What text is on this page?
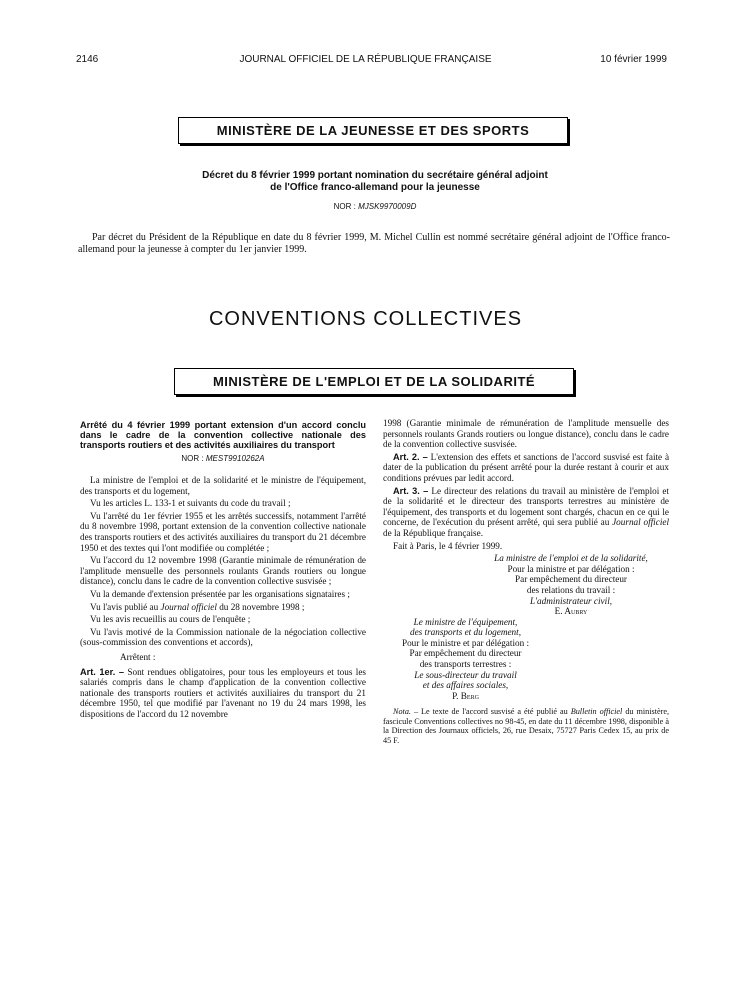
2146	JOURNAL OFFICIEL DE LA RÉPUBLIQUE FRANÇAISE	10 février 1999
MINISTÈRE DE LA JEUNESSE ET DES SPORTS
Décret du 8 février 1999 portant nomination du secrétaire général adjoint
de l'Office franco-allemand pour la jeunesse
NOR : MJSK9970009D

Par décret du Président de la République en date du 8 février 1999, M. Michel Cullin est nommé secrétaire général adjoint de l'Office franco-allemand pour la jeunesse à compter du 1er janvier 1999.

CONVENTIONS COLLECTIVES
MINISTÈRE DE L'EMPLOI ET DE LA SOLIDARITÉ
Arrêté du 4 février 1999 portant extension d'un accord conclu dans le cadre de la convention collective nationale des transports routiers et des activités auxiliaires du transport
NOR : MEST9910262A

La ministre de l'emploi et de la solidarité et le ministre de l'équipement, des transports et du logement,

Vu les articles L. 133-1 et suivants du code du travail ;

Vu l'arrêté du 1er février 1955 et les arrêtés successifs, notamment l'arrêté du 8 novembre 1998, portant extension de la convention collective nationale des transports routiers et des activités auxiliaires du transport du 21 décembre 1950 et des textes qui l'ont modifiée ou complétée ;

Vu l'accord du 12 novembre 1998 (Garantie minimale de rémunération de l'amplitude mensuelle des personnels roulants Grands routiers ou longue distance), conclu dans le cadre de la convention collective susvisée ;

Vu la demande d'extension présentée par les organisations signataires ;

Vu l'avis publié au Journal officiel du 28 novembre 1998 ;

Vu les avis recueillis au cours de l'enquête ;

Vu l'avis motivé de la Commission nationale de la négociation collective (sous-commission des conventions et accords),

Arrêtent :

Art. 1er. – Sont rendues obligatoires, pour tous les employeurs et tous les salariés compris dans le champ d'application de la convention collective nationale des transports routiers et activités auxiliaires du transport du 21 décembre 1950, tel que modifié par l'avenant no 19 du 24 mars 1998, les dispositions de l'accord du 12 novembre

1998 (Garantie minimale de rémunération de l'amplitude mensuelle des personnels roulants Grands routiers ou longue distance), conclu dans le cadre de la convention collective susvisée.

Art. 2. – L'extension des effets et sanctions de l'accord susvisé est faite à dater de la publication du présent arrêté pour la durée restant à courir et aux conditions prévues par ledit accord.

Art. 3. – Le directeur des relations du travail au ministère de l'emploi et de la solidarité et le directeur des transports terrestres au ministère de l'équipement, des transports et du logement sont chargés, chacun en ce qui le concerne, de l'exécution du présent arrêté, qui sera publié au Journal officiel de la République française.

Fait à Paris, le 4 février 1999.

La ministre de l'emploi et de la solidarité,
Pour la ministre et par délégation :
Par empêchement du directeur
des relations du travail :
L'administrateur civil,
E. Aubry
Le ministre de l'équipement,
des transports et du logement,
Pour le ministre et par délégation :
Par empêchement du directeur
des transports terrestres :
Le sous-directeur du travail
et des affaires sociales,
P. Berg

Nota. – Le texte de l'accord susvisé a été publié au Bulletin officiel du ministère, fascicule Conventions collectives no 98-45, en date du 11 décembre 1998, disponible à la Direction des Journaux officiels, 26, rue Desaix, 75727 Paris Cedex 15, au prix de 45 F.
